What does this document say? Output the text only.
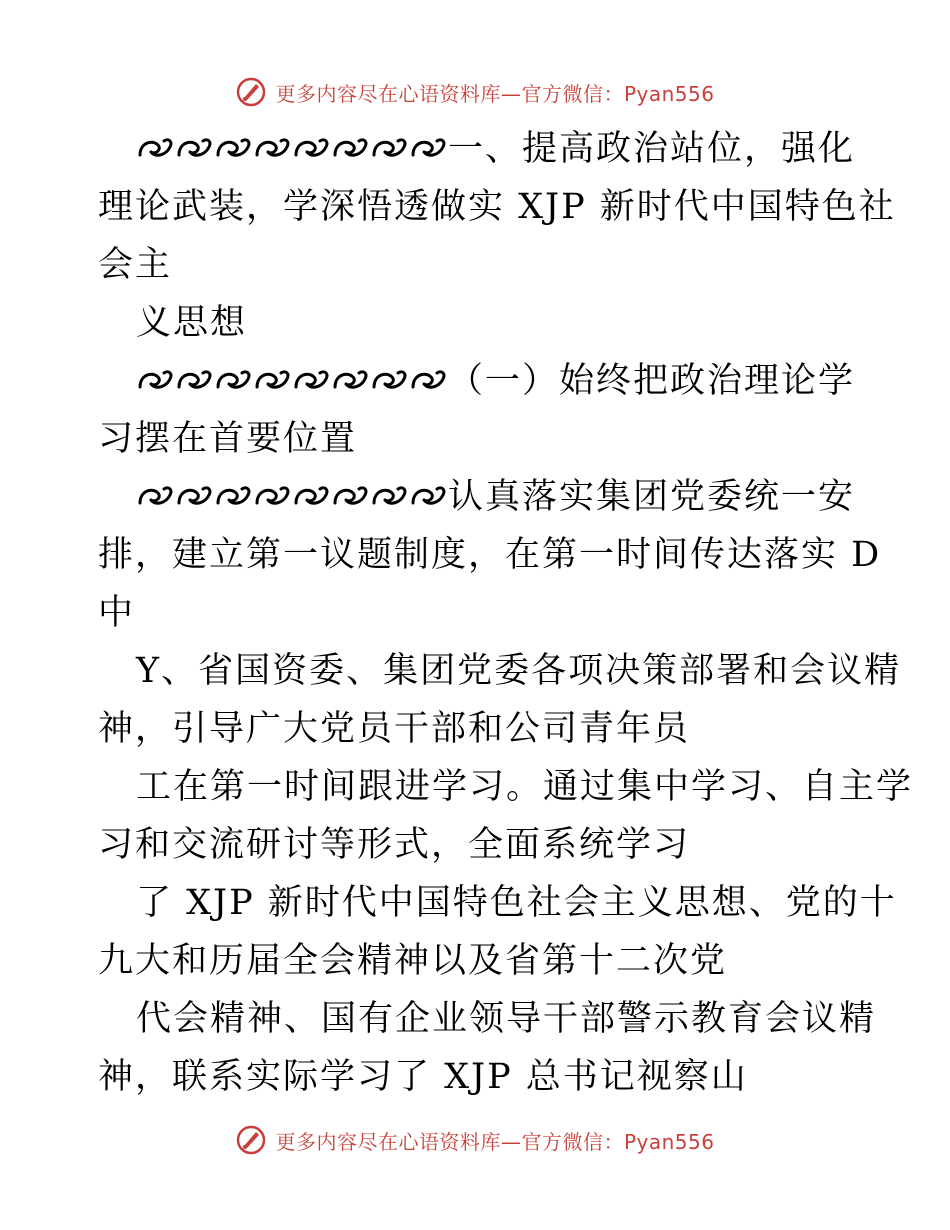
更多内容尽在心语资料库—官方微信：Pyan556
一、提高政治站位，强化
理论武装，学深悟透做实 XJP 新时代中国特色社
会主
义思想
（一）始终把政治理论学
习摆在首要位置
认真落实集团党委统一安
排，建立第一议题制度，在第一时间传达落实 D
中
Y、省国资委、集团党委各项决策部署和会议精
神，引导广大党员干部和公司青年员
工在第一时间跟进学习。通过集中学习、自主学
习和交流研讨等形式，全面系统学习
了 XJP 新时代中国特色社会主义思想、党的十
九大和历届全会精神以及省第十二次党
代会精神、国有企业领导干部警示教育会议精
神，联系实际学习了 XJP 总书记视察山
更多内容尽在心语资料库—官方微信：Pyan556
